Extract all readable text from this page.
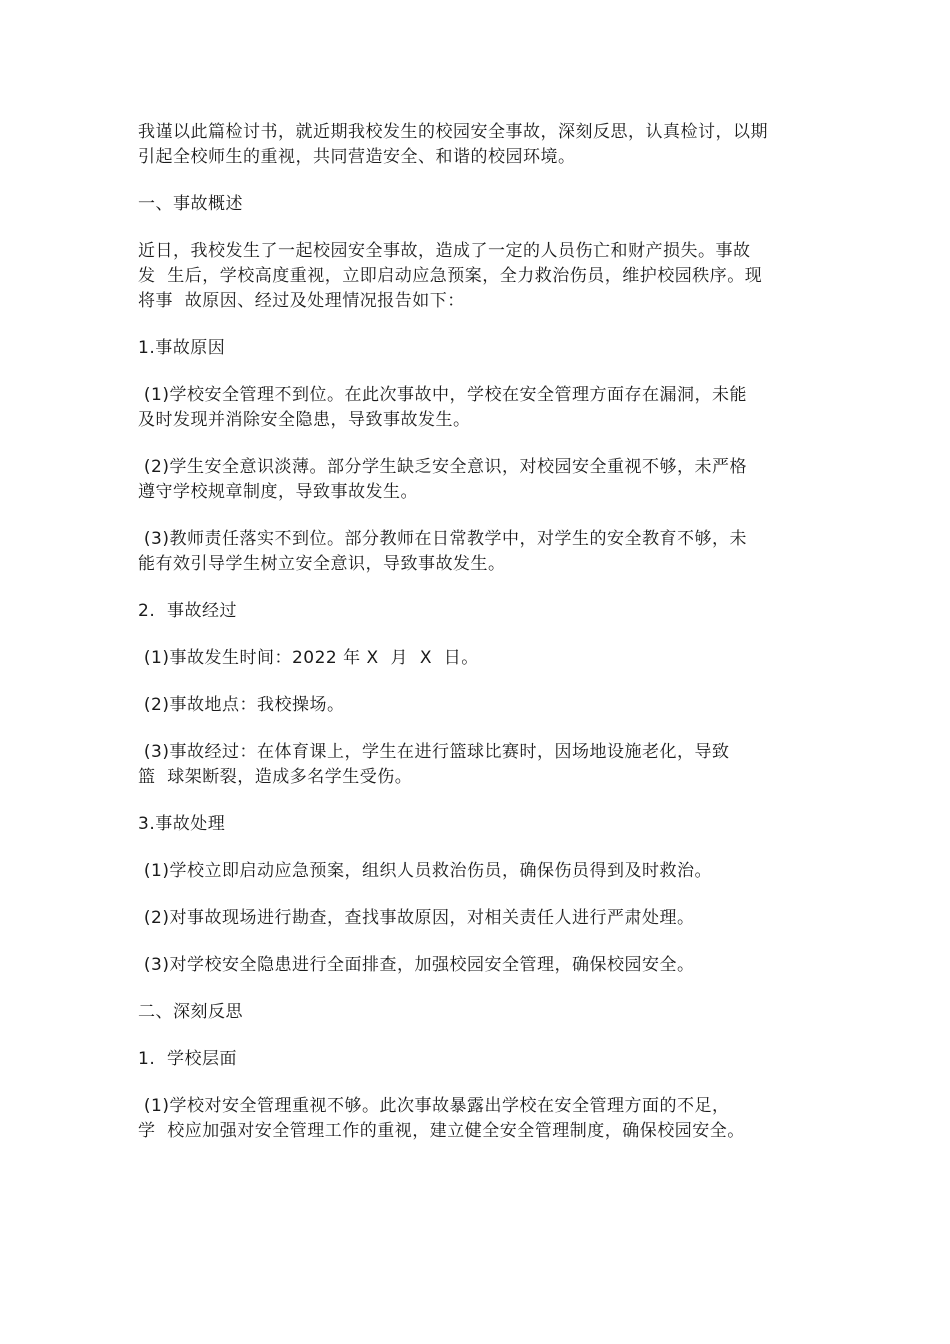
我谨以此篇检讨书，就近期我校发生的校园安全事故，深刻反思，认真检讨，以期
引起全校师生的重视，共同营造安全、和谐的校园环境。
一、事故概述
近日，我校发生了一起校园安全事故，造成了一定的人员伤亡和财产损失。事故
发  生后，学校高度重视，立即启动应急预案，全力救治伤员，维护校园秩序。现
将事  故原因、经过及处理情况报告如下：
1.事故原因
(1)学校安全管理不到位。在此次事故中，学校在安全管理方面存在漏洞，未能
及时发现并消除安全隐患，导致事故发生。
(2)学生安全意识淡薄。部分学生缺乏安全意识，对校园安全重视不够，未严格
遵守学校规章制度，导致事故发生。
(3)教师责任落实不到位。部分教师在日常教学中，对学生的安全教育不够，未
能有效引导学生树立安全意识，导致事故发生。
2.  事故经过
(1)事故发生时间：2022 年 X  月  X  日。
(2)事故地点：我校操场。
(3)事故经过：在体育课上，学生在进行篮球比赛时，因场地设施老化，导致
篮  球架断裂，造成多名学生受伤。
3.事故处理
(1)学校立即启动应急预案，组织人员救治伤员，确保伤员得到及时救治。
(2)对事故现场进行勘查，查找事故原因，对相关责任人进行严肃处理。
(3)对学校安全隐患进行全面排查，加强校园安全管理，确保校园安全。
二、深刻反思
1.  学校层面
(1)学校对安全管理重视不够。此次事故暴露出学校在安全管理方面的不足，
学  校应加强对安全管理工作的重视，建立健全安全管理制度，确保校园安全。
